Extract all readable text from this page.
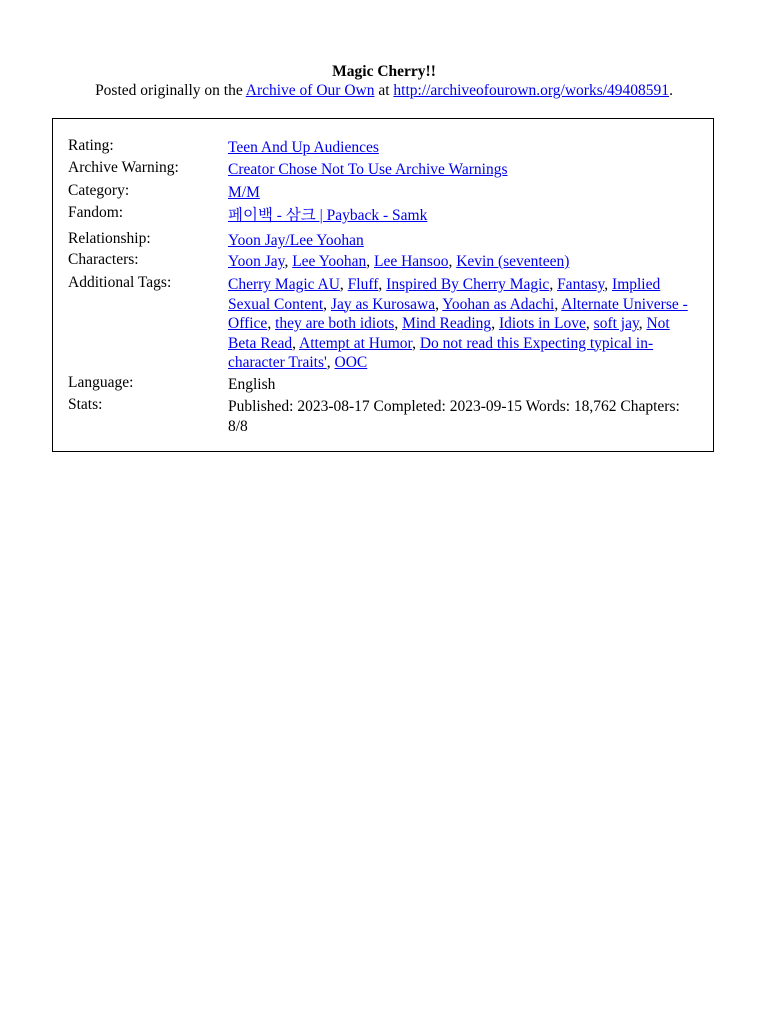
Magic Cherry!!
Posted originally on the Archive of Our Own at http://archiveofourown.org/works/49408591.
Rating:	Teen And Up Audiences
Archive Warning:	Creator Chose Not To Use Archive Warnings
Category:	M/M
Fandom:	페이백 - 삼크 | Payback - Samk
Relationship:	Yoon Jay/Lee Yoohan
Characters:	Yoon Jay, Lee Yoohan, Lee Hansoo, Kevin (seventeen)
Additional Tags:	Cherry Magic AU, Fluff, Inspired By Cherry Magic, Fantasy, Implied Sexual Content, Jay as Kurosawa, Yoohan as Adachi, Alternate Universe - Office, they are both idiots, Mind Reading, Idiots in Love, soft jay, Not Beta Read, Attempt at Humor, Do not read this Expecting typical in-character Traits', OOC
Language:	English
Stats:	Published: 2023-08-17 Completed: 2023-09-15 Words: 18,762 Chapters: 8/8
